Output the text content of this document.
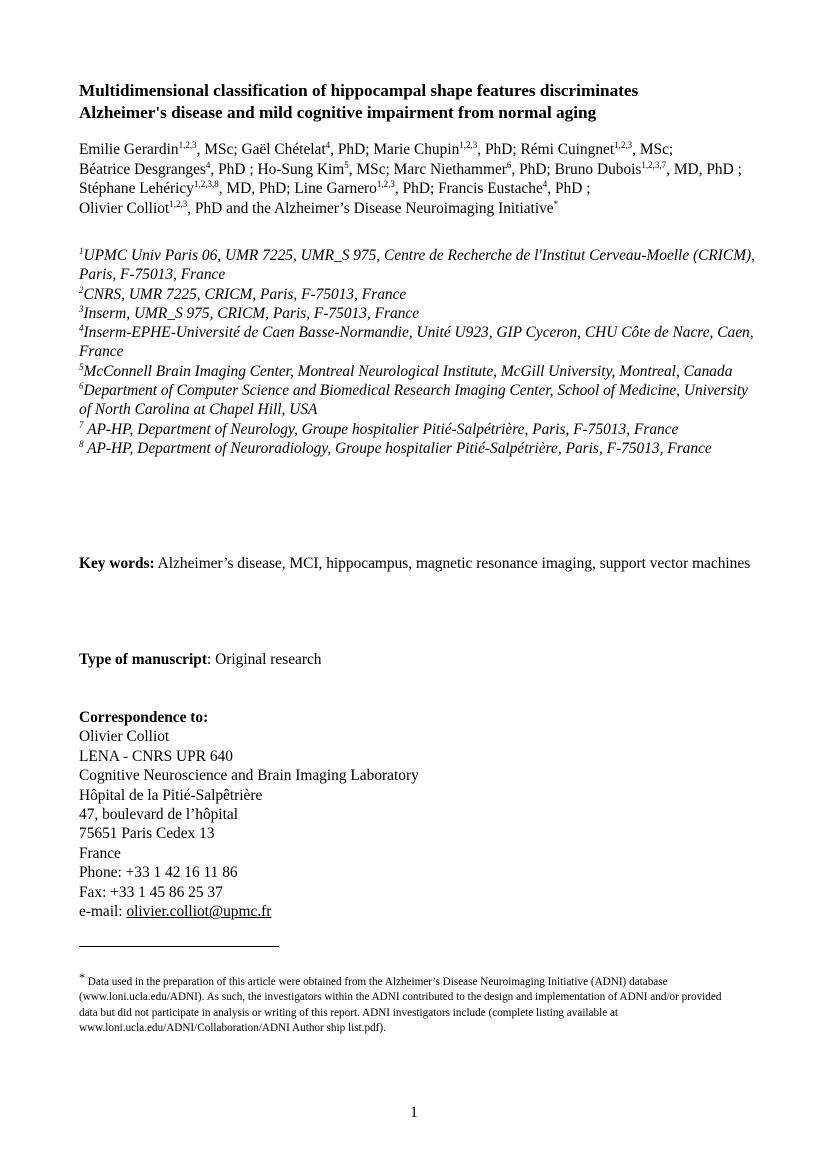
Multidimensional classification of hippocampal shape features discriminates
Alzheimer's disease and mild cognitive impairment from normal aging

Emilie Gerardin$^{1,2,3}$, MSc; Gaël Chételat$^4$, PhD; Marie Chupin$^{1,2,3}$, PhD; Rémi Cuingnet$^{1,2,3}$, MSc;
Béatrice Desgranges$^4$, PhD ; Ho-Sung Kim$^5$, MSc; Marc Niethammer$^6$, PhD; Bruno Dubois$^{1,2,3,7}$, MD, PhD ; Stéphane Lehéricy$^{1,2,3,8}$, MD, PhD; Line Garnero$^{1,2,3}$, PhD; Francis Eustache$^4$, PhD ;
Olivier Colliot$^{1,2,3}$, PhD and the Alzheimer’s Disease Neuroimaging Initiative*

$^1$UPMC Univ Paris 06, UMR 7225, UMR_S 975, Centre de Recherche de l'Institut Cerveau-Moelle (CRICM), Paris, F-75013, France
$^2$CNRS, UMR 7225, CRICM, Paris, F-75013, France
$^3$Inserm, UMR_S 975, CRICM, Paris, F-75013, France
$^4$Inserm-EPHE-Université de Caen Basse-Normandie, Unité U923, GIP Cyceron, CHU Côte de Nacre, Caen, France
$^5$McConnell Brain Imaging Center, Montreal Neurological Institute, McGill University, Montreal, Canada
$^6$Department of Computer Science and Biomedical Research Imaging Center, School of Medicine, University of North Carolina at Chapel Hill, USA
$^7$ AP-HP, Department of Neurology, Groupe hospitalier Pitié-Salpétrière, Paris, F-75013, France
$^8$ AP-HP, Department of Neuroradiology, Groupe hospitalier Pitié-Salpétrière, Paris, F-75013, France

Key words: Alzheimer’s disease, MCI, hippocampus, magnetic resonance imaging, support vector machines

Type of manuscript: Original research

Correspondence to:
Olivier Colliot
LENA - CNRS UPR 640
Cognitive Neuroscience and Brain Imaging Laboratory
Hôpital de la Pitié-Salpêtrière
47, boulevard de l’hôpital
75651 Paris Cedex 13
France
Phone: +33 1 42 16 11 86
Fax: +33 1 45 86 25 37
e-mail: olivier.colliot@upmc.fr

* Data used in the preparation of this article were obtained from the Alzheimer’s Disease Neuroimaging Initiative (ADNI) database (www.loni.ucla.edu/ADNI). As such, the investigators within the ADNI contributed to the design and implementation of ADNI and/or provided data but did not participate in analysis or writing of this report. ADNI investigators include (complete listing available at www.loni.ucla.edu/ADNI/Collaboration/ADNI Author ship list.pdf).

1
